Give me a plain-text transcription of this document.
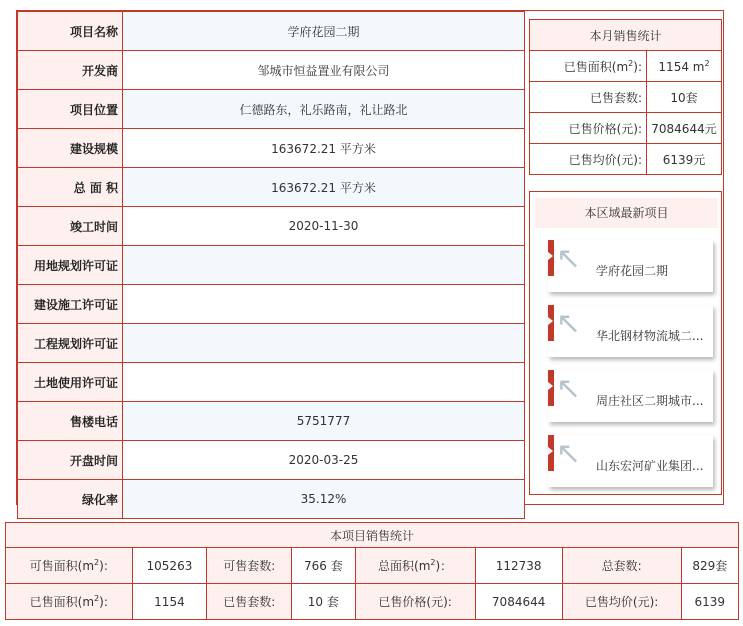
项目名称	学府花园二期
开发商	邹城市恒益置业有限公司
项目位置	仁德路东，礼乐路南，礼让路北
建设规模	163672.21 平方米
总 面 积	163672.21 平方米
竣工时间	2020-11-30
用地规划许可证	
建设施工许可证	
工程规划许可证	
土地使用许可证	
售楼电话	5751777
开盘时间	2020-03-25
绿化率	35.12%
本月销售统计	
已售面积$(m^2)$:	1154 $m^2$
已售套数:	10套
已售价格(元):	7084644元
已售均价(元):	6139元
本区域最新项目
↖ 学府花园二期
↖ 华北钢材物流城二...
↖ 周庄社区二期城市...
↖ 山东宏河矿业集团...
本项目销售统计							
可售面积$(m^2)$:	105263	可售套数:	766 套	总面积$(m^2)$：	112738	总套数:	829套
已售面积$(m^2)$:	1154	已售套数:	10 套	已售价格(元):	7084644	已售均价(元):	6139
